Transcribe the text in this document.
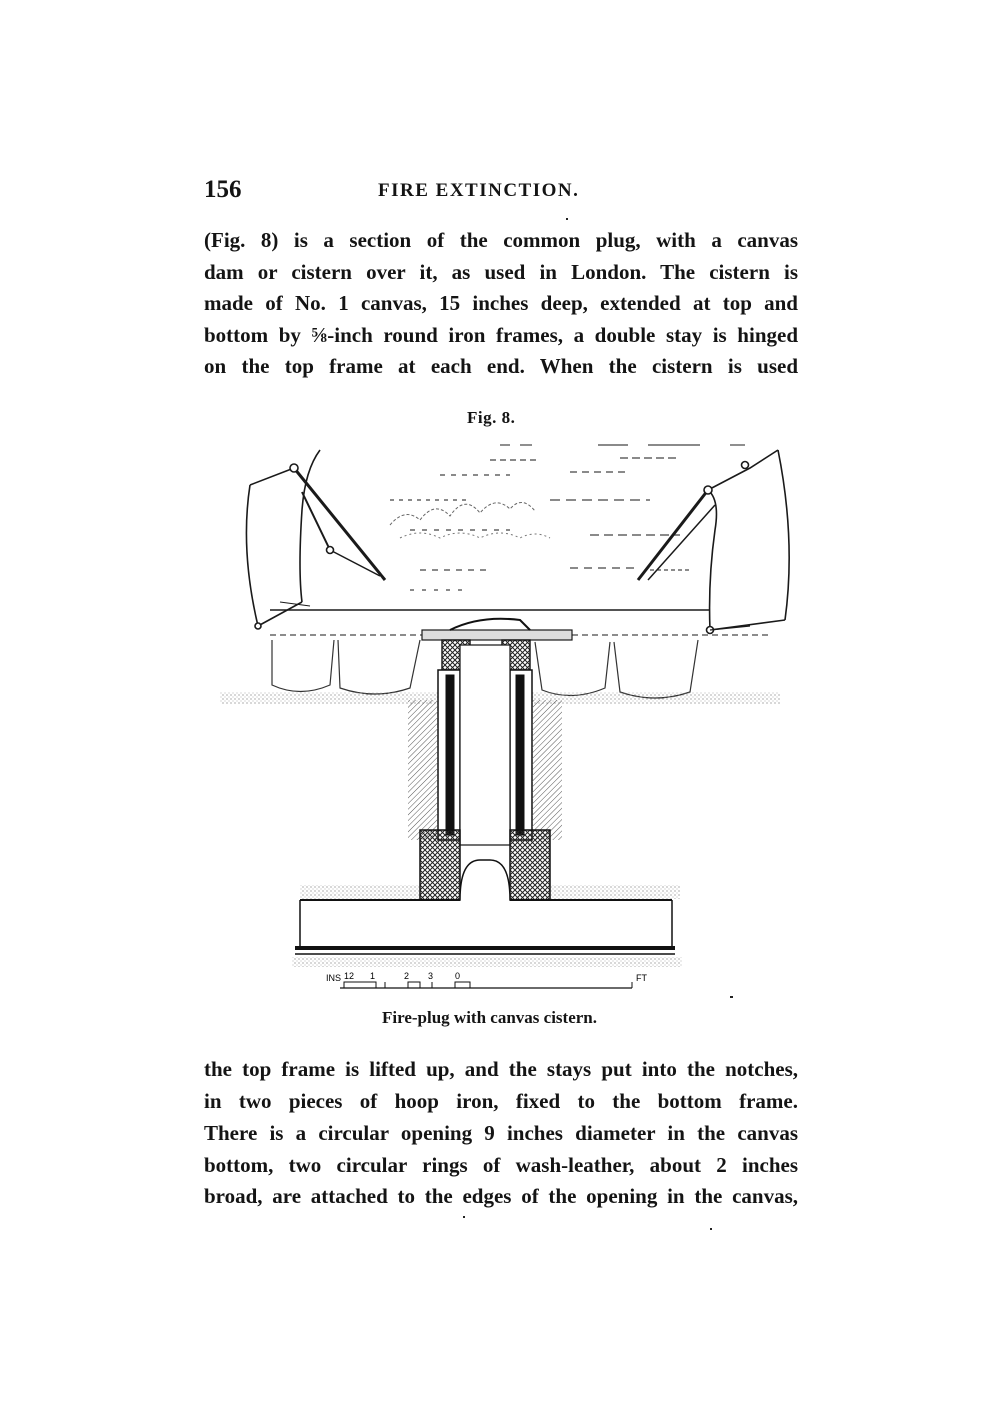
156	FIRE EXTINCTION.
(Fig. 8) is a section of the common plug, with a canvas
dam or cistern over it, as used in London. The cistern is
made of No. 1 canvas, 15 inches deep, extended at top and
bottom by ⅝-inch round iron frames, a double stay is hinged
on the top frame at each end. When the cistern is used
Fig. 8.
INS 12 1	2 3 0	FT
Fire-plug with canvas cistern.
the top frame is lifted up, and the stays put into the notches,
in two pieces of hoop iron, fixed to the bottom frame.
There is a circular opening 9 inches diameter in the canvas
bottom, two circular rings of wash-leather, about 2 inches
broad, are attached to the edges of the opening in the canvas,
